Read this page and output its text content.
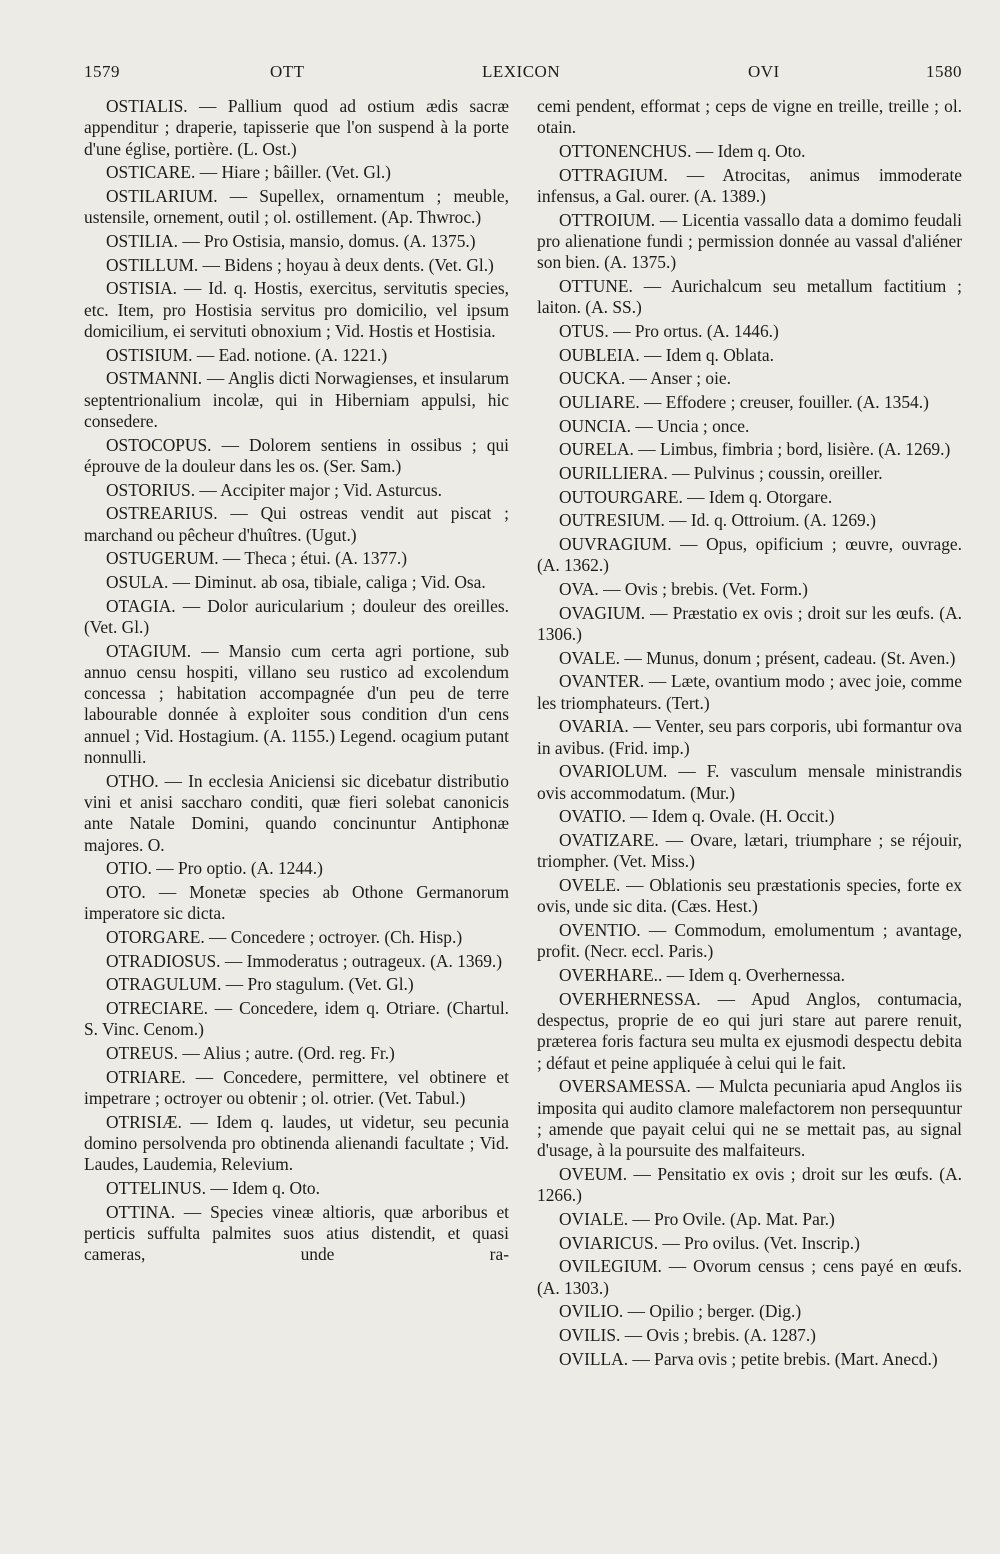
1579	OTT	LEXICON	OVI	1580

OSTIALIS. — Pallium quod ad ostium ædis sacræ appenditur ; draperie, tapisserie que l'on suspend à la porte d'une église, portière. (L. Ost.)

OSTICARE. — Hiare ; bâiller. (Vet. Gl.)

OSTILARIUM. — Supellex, ornamentum ; meuble, ustensile, ornement, outil ; ol. ostillement. (Ap. Thwroc.)

OSTILIA. — Pro Ostisia, mansio, domus. (A. 1375.)

OSTILLUM. — Bidens ; hoyau à deux dents. (Vet. Gl.)

OSTISIA. — Id. q. Hostis, exercitus, servitutis species, etc. Item, pro Hostisia servitus pro domicilio, vel ipsum domicilium, ei servituti obnoxium ; Vid. Hostis et Hostisia.

OSTISIUM. — Ead. notione. (A. 1221.)

OSTMANNI. — Anglis dicti Norwagienses, et insularum septentrionalium incolæ, qui in Hiberniam appulsi, hic consedere.

OSTOCOPUS. — Dolorem sentiens in ossibus ; qui éprouve de la douleur dans les os. (Ser. Sam.)

OSTORIUS. — Accipiter major ; Vid. Asturcus.

OSTREARIUS. — Qui ostreas vendit aut piscat ; marchand ou pêcheur d'huîtres. (Ugut.)

OSTUGERUM. — Theca ; étui. (A. 1377.)

OSULA. — Diminut. ab osa, tibiale, caliga ; Vid. Osa.

OTAGIA. — Dolor auricularium ; douleur des oreilles. (Vet. Gl.)

OTAGIUM. — Mansio cum certa agri portione, sub annuo censu hospiti, villano seu rustico ad excolendum concessa ; habitation accompagnée d'un peu de terre labourable donnée à exploiter sous condition d'un cens annuel ; Vid. Hostagium. (A. 1155.) Legend. ocagium putant nonnulli.

OTHO. — In ecclesia Aniciensi sic dicebatur distributio vini et anisi saccharo conditi, quæ fieri solebat canonicis ante Natale Domini, quando concinuntur Antiphonæ majores. O.

OTIO. — Pro optio. (A. 1244.)

OTO. — Monetæ species ab Othone Germanorum imperatore sic dicta.

OTORGARE. — Concedere ; octroyer. (Ch. Hisp.)

OTRADIOSUS. — Immoderatus ; outrageux. (A. 1369.)

OTRAGULUM. — Pro stagulum. (Vet. Gl.)

OTRECIARE. — Concedere, idem q. Otriare. (Chartul. S. Vinc. Cenom.)

OTREUS. — Alius ; autre. (Ord. reg. Fr.)

OTRIARE. — Concedere, permittere, vel obtinere et impetrare ; octroyer ou obtenir ; ol. otrier. (Vet. Tabul.)

OTRISIÆ. — Idem q. laudes, ut videtur, seu pecunia domino persolvenda pro obtinenda alienandi facultate ; Vid. Laudes, Laudemia, Relevium.

OTTELINUS. — Idem q. Oto.

OTTINA. — Species vineæ altioris, quæ arboribus et perticis suffulta palmites suos atius distendit, et quasi cameras, unde ra-

cemi pendent, efformat ; ceps de vigne en treille, treille ; ol. otain.

OTTONENCHUS. — Idem q. Oto.

OTTRAGIUM. — Atrocitas, animus immoderate infensus, a Gal. ourer. (A. 1389.)

OTTROIUM. — Licentia vassallo data a domimo feudali pro alienatione fundi ; permission donnée au vassal d'aliéner son bien. (A. 1375.)

OTTUNE. — Aurichalcum seu metallum factitium ; laiton. (A. SS.)

OTUS. — Pro ortus. (A. 1446.)

OUBLEIA. — Idem q. Oblata.

OUCKA. — Anser ; oie.

OULIARE. — Effodere ; creuser, fouiller. (A. 1354.)

OUNCIA. — Uncia ; once.

OURELA. — Limbus, fimbria ; bord, lisière. (A. 1269.)

OURILLIERA. — Pulvinus ; coussin, oreiller.

OUTOURGARE. — Idem q. Otorgare.

OUTRESIUM. — Id. q. Ottroium. (A. 1269.)

OUVRAGIUM. — Opus, opificium ; œuvre, ouvrage. (A. 1362.)

OVA. — Ovis ; brebis. (Vet. Form.)

OVAGIUM. — Præstatio ex ovis ; droit sur les œufs. (A. 1306.)

OVALE. — Munus, donum ; présent, cadeau. (St. Aven.)

OVANTER. — Læte, ovantium modo ; avec joie, comme les triomphateurs. (Tert.)

OVARIA. — Venter, seu pars corporis, ubi formantur ova in avibus. (Frid. imp.)

OVARIOLUM. — F. vasculum mensale ministrandis ovis accommodatum. (Mur.)

OVATIO. — Idem q. Ovale. (H. Occit.)

OVATIZARE. — Ovare, lætari, triumphare ; se réjouir, triompher. (Vet. Miss.)

OVELE. — Oblationis seu præstationis species, forte ex ovis, unde sic dita. (Cæs. Hest.)

OVENTIO. — Commodum, emolumentum ; avantage, profit. (Necr. eccl. Paris.)

OVERHARE.. — Idem q. Overhernessa.

OVERHERNESSA. — Apud Anglos, contumacia, despectus, proprie de eo qui juri stare aut parere renuit, præterea foris factura seu multa ex ejusmodi despectu debita ; défaut et peine appliquée à celui qui le fait.

OVERSAMESSA. — Mulcta pecuniaria apud Anglos iis imposita qui audito clamore malefactorem non persequuntur ; amende que payait celui qui ne se mettait pas, au signal d'usage, à la poursuite des malfaiteurs.

OVEUM. — Pensitatio ex ovis ; droit sur les œufs. (A. 1266.)

OVIALE. — Pro Ovile. (Ap. Mat. Par.)

OVIARICUS. — Pro ovilus. (Vet. Inscrip.)

OVILEGIUM. — Ovorum census ; cens payé en œufs. (A. 1303.)

OVILIO. — Opilio ; berger. (Dig.)

OVILIS. — Ovis ; brebis. (A. 1287.)

OVILLA. — Parva ovis ; petite brebis. (Mart. Anecd.)
